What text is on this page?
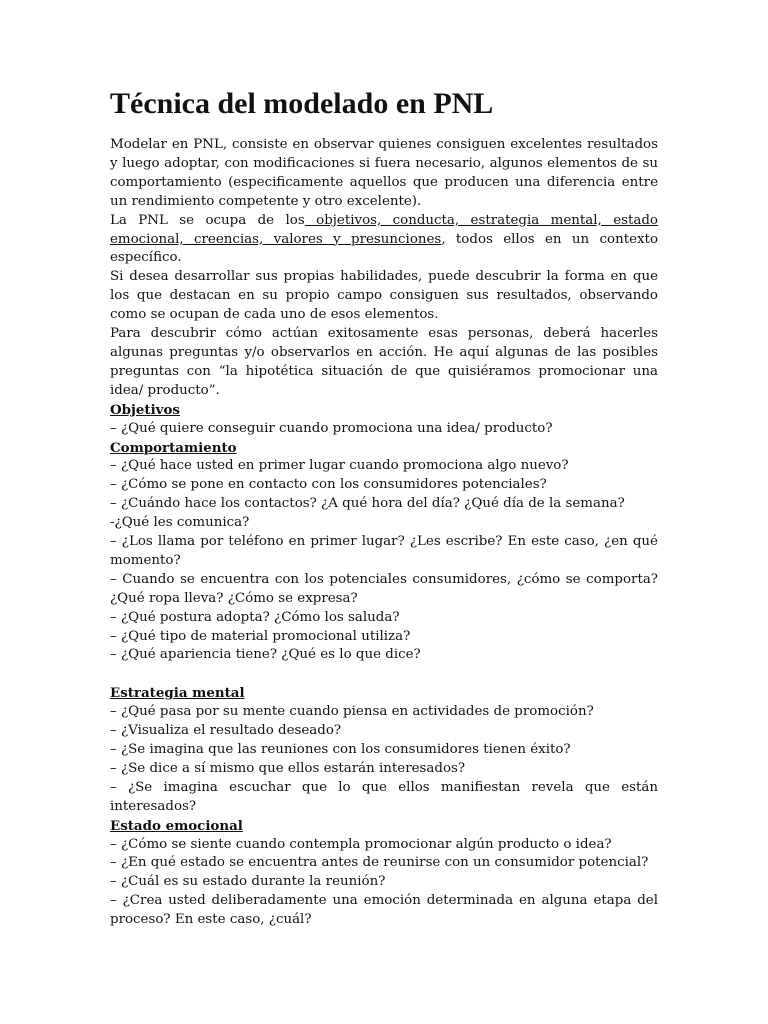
Técnica del modelado en PNL

Modelar en PNL, consiste en observar quienes consiguen excelentes resultados y luego adoptar, con modificaciones si fuera necesario, algunos elementos de su comportamiento (especificamente aquellos que producen una diferencia entre un rendimiento competente y otro excelente).

La PNL se ocupa de los objetivos, conducta, estrategia mental, estado emocional, creencias, valores y presunciones, todos ellos en un contexto específico.

Si desea desarrollar sus propias habilidades, puede descubrir la forma en que los que destacan en su propio campo consiguen sus resultados, observando como se ocupan de cada uno de esos elementos.

Para descubrir cómo actúan exitosamente esas personas, deberá hacerles algunas preguntas y/o observarlos en acción. He aquí algunas de las posibles preguntas con “la hipotética situación de que quisiéramos promocionar una idea/ producto”.

Objetivos
– ¿Qué quiere conseguir cuando promociona una idea/ producto?
Comportamiento
– ¿Qué hace usted en primer lugar cuando promociona algo nuevo?
– ¿Cómo se pone en contacto con los consumidores potenciales?
– ¿Cuándo hace los contactos? ¿A qué hora del día? ¿Qué día de la semana?
-¿Qué les comunica?
– ¿Los llama por teléfono en primer lugar? ¿Les escribe? En este caso, ¿en qué momento?
– Cuando se encuentra con los potenciales consumidores, ¿cómo se comporta? ¿Qué ropa lleva? ¿Cómo se expresa?
– ¿Qué postura adopta? ¿Cómo los saluda?
– ¿Qué tipo de material promocional utiliza?
– ¿Qué apariencia tiene? ¿Qué es lo que dice?
Estrategia mental
– ¿Qué pasa por su mente cuando piensa en actividades de promoción?
– ¿Visualiza el resultado deseado?
– ¿Se imagina que las reuniones con los consumidores tienen éxito?
– ¿Se dice a sí mismo que ellos estarán interesados?
– ¿Se imagina escuchar que lo que ellos manifiestan revela que están interesados?
Estado emocional
– ¿Cómo se siente cuando contempla promocionar algún producto o idea?
– ¿En qué estado se encuentra antes de reunirse con un consumidor potencial?
– ¿Cuál es su estado durante la reunión?
– ¿Crea usted deliberadamente una emoción determinada en alguna etapa del proceso? En este caso, ¿cuál?
